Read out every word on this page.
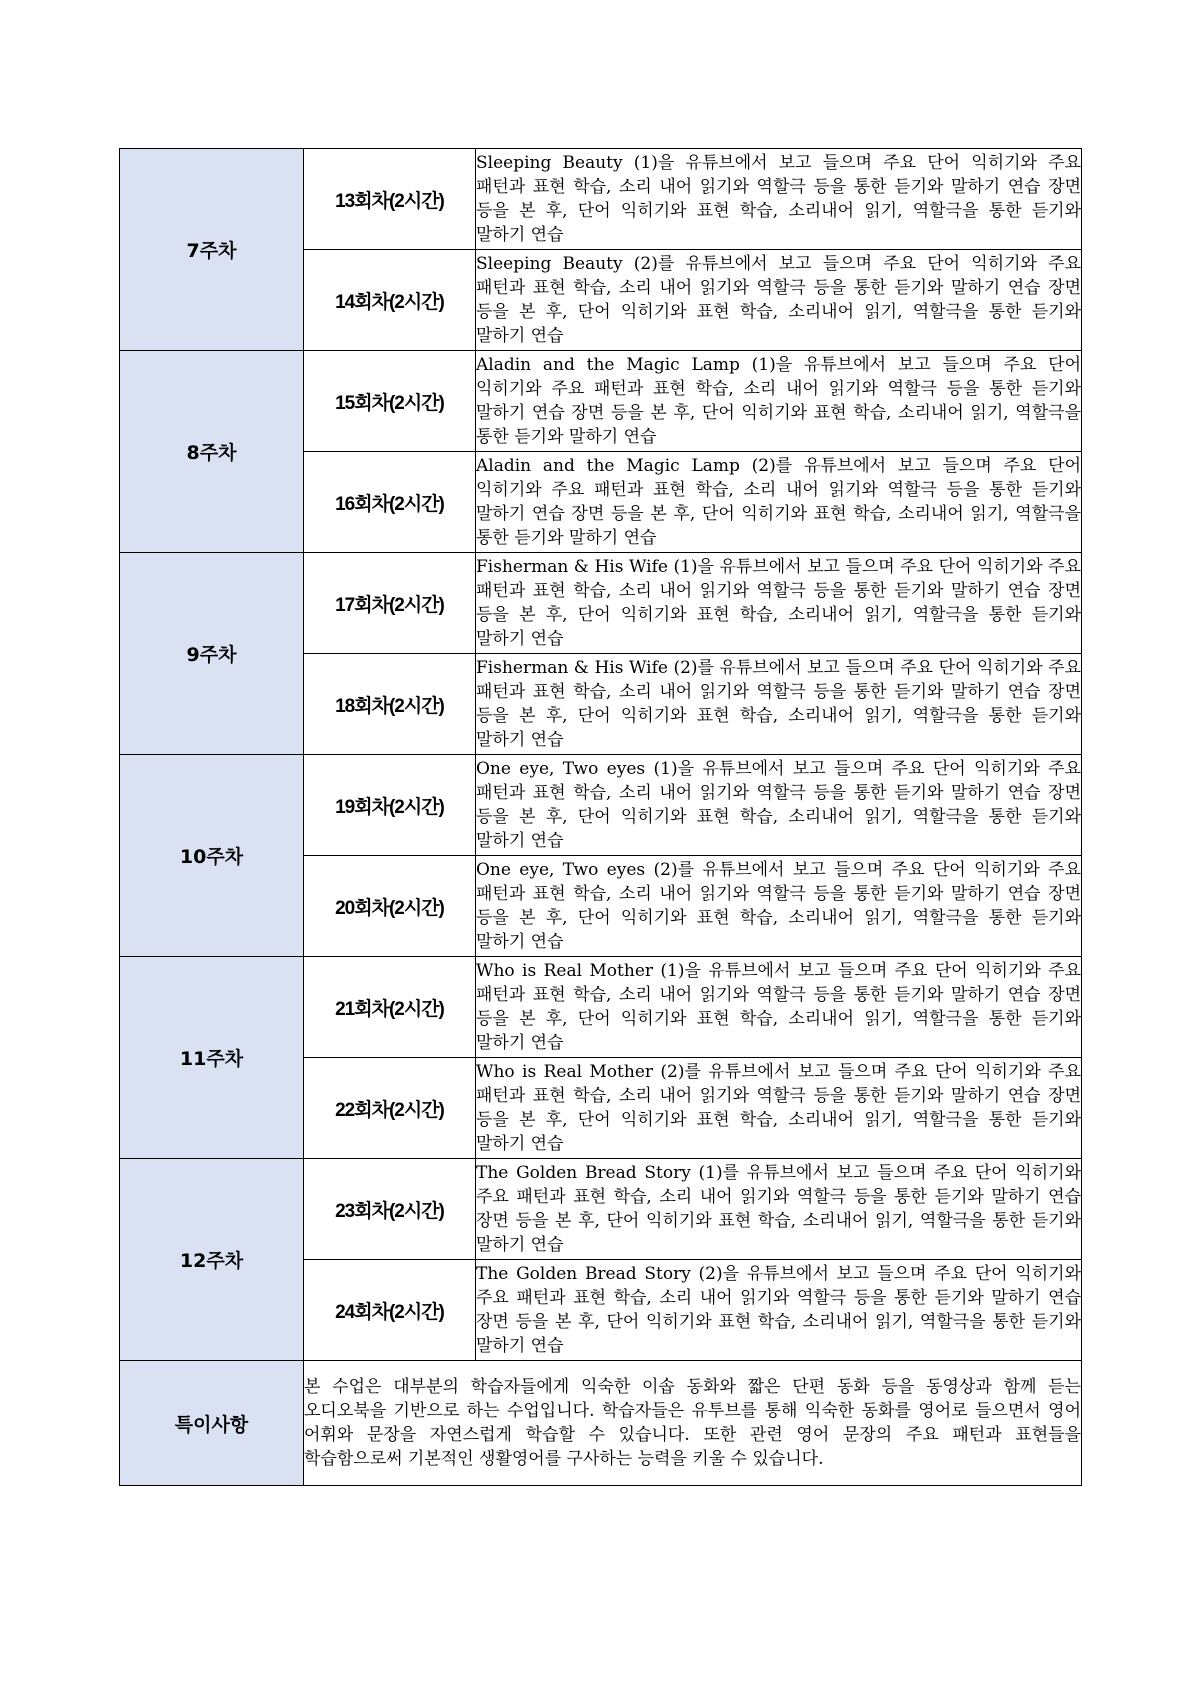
7주차	13회차(2시간)	Sleeping Beauty (1)을 유튜브에서 보고 들으며 주요 단어 익히기와 주요 패턴과 표현 학습, 소리 내어 읽기와 역할극 등을 통한 듣기와 말하기 연습 장면 등을 본 후, 단어 익히기와 표현 학습, 소리내어 읽기, 역할극을 통한 듣기와 말하기 연습
	14회차(2시간)	Sleeping Beauty (2)를 유튜브에서 보고 들으며 주요 단어 익히기와 주요 패턴과 표현 학습, 소리 내어 읽기와 역할극 등을 통한 듣기와 말하기 연습 장면 등을 본 후, 단어 익히기와 표현 학습, 소리내어 읽기, 역할극을 통한 듣기와 말하기 연습
8주차	15회차(2시간)	Aladin and the Magic Lamp (1)을 유튜브에서 보고 들으며 주요 단어 익히기와 주요 패턴과 표현 학습, 소리 내어 읽기와 역할극 등을 통한 듣기와 말하기 연습 장면 등을 본 후, 단어 익히기와 표현 학습, 소리내어 읽기, 역할극을 통한 듣기와 말하기 연습
	16회차(2시간)	Aladin and the Magic Lamp (2)를 유튜브에서 보고 들으며 주요 단어 익히기와 주요 패턴과 표현 학습, 소리 내어 읽기와 역할극 등을 통한 듣기와 말하기 연습 장면 등을 본 후, 단어 익히기와 표현 학습, 소리내어 읽기, 역할극을 통한 듣기와 말하기 연습
9주차	17회차(2시간)	Fisherman & His Wife (1)을 유튜브에서 보고 들으며 주요 단어 익히기와 주요 패턴과 표현 학습, 소리 내어 읽기와 역할극 등을 통한 듣기와 말하기 연습 장면 등을 본 후, 단어 익히기와 표현 학습, 소리내어 읽기, 역할극을 통한 듣기와 말하기 연습
	18회차(2시간)	Fisherman & His Wife (2)를 유튜브에서 보고 들으며 주요 단어 익히기와 주요 패턴과 표현 학습, 소리 내어 읽기와 역할극 등을 통한 듣기와 말하기 연습 장면 등을 본 후, 단어 익히기와 표현 학습, 소리내어 읽기, 역할극을 통한 듣기와 말하기 연습
10주차	19회차(2시간)	One eye, Two eyes (1)을 유튜브에서 보고 들으며 주요 단어 익히기와 주요 패턴과 표현 학습, 소리 내어 읽기와 역할극 등을 통한 듣기와 말하기 연습 장면 등을 본 후, 단어 익히기와 표현 학습, 소리내어 읽기, 역할극을 통한 듣기와 말하기 연습
	20회차(2시간)	One eye, Two eyes (2)를 유튜브에서 보고 들으며 주요 단어 익히기와 주요 패턴과 표현 학습, 소리 내어 읽기와 역할극 등을 통한 듣기와 말하기 연습 장면 등을 본 후, 단어 익히기와 표현 학습, 소리내어 읽기, 역할극을 통한 듣기와 말하기 연습
11주차	21회차(2시간)	Who is Real Mother (1)을 유튜브에서 보고 들으며 주요 단어 익히기와 주요 패턴과 표현 학습, 소리 내어 읽기와 역할극 등을 통한 듣기와 말하기 연습 장면 등을 본 후, 단어 익히기와 표현 학습, 소리내어 읽기, 역할극을 통한 듣기와 말하기 연습
	22회차(2시간)	Who is Real Mother (2)를 유튜브에서 보고 들으며 주요 단어 익히기와 주요 패턴과 표현 학습, 소리 내어 읽기와 역할극 등을 통한 듣기와 말하기 연습 장면 등을 본 후, 단어 익히기와 표현 학습, 소리내어 읽기, 역할극을 통한 듣기와 말하기 연습
12주차	23회차(2시간)	The Golden Bread Story (1)를 유튜브에서 보고 들으며 주요 단어 익히기와 주요 패턴과 표현 학습, 소리 내어 읽기와 역할극 등을 통한 듣기와 말하기 연습 장면 등을 본 후, 단어 익히기와 표현 학습, 소리내어 읽기, 역할극을 통한 듣기와 말하기 연습
	24회차(2시간)	The Golden Bread Story (2)을 유튜브에서 보고 들으며 주요 단어 익히기와 주요 패턴과 표현 학습, 소리 내어 읽기와 역할극 등을 통한 듣기와 말하기 연습 장면 등을 본 후, 단어 익히기와 표현 학습, 소리내어 읽기, 역할극을 통한 듣기와 말하기 연습
특이사항	본 수업은 대부분의 학습자들에게 익숙한 이솝 동화와 짧은 단편 동화 등을 동영상과 함께 듣는 오디오북을 기반으로 하는 수업입니다. 학습자들은 유투브를 통해 익숙한 동화를 영어로 들으면서 영어 어휘와 문장을 자연스럽게 학습할 수 있습니다. 또한 관련 영어 문장의 주요 패턴과 표현들을 학습함으로써 기본적인 생활영어를 구사하는 능력을 키울 수 있습니다.	
